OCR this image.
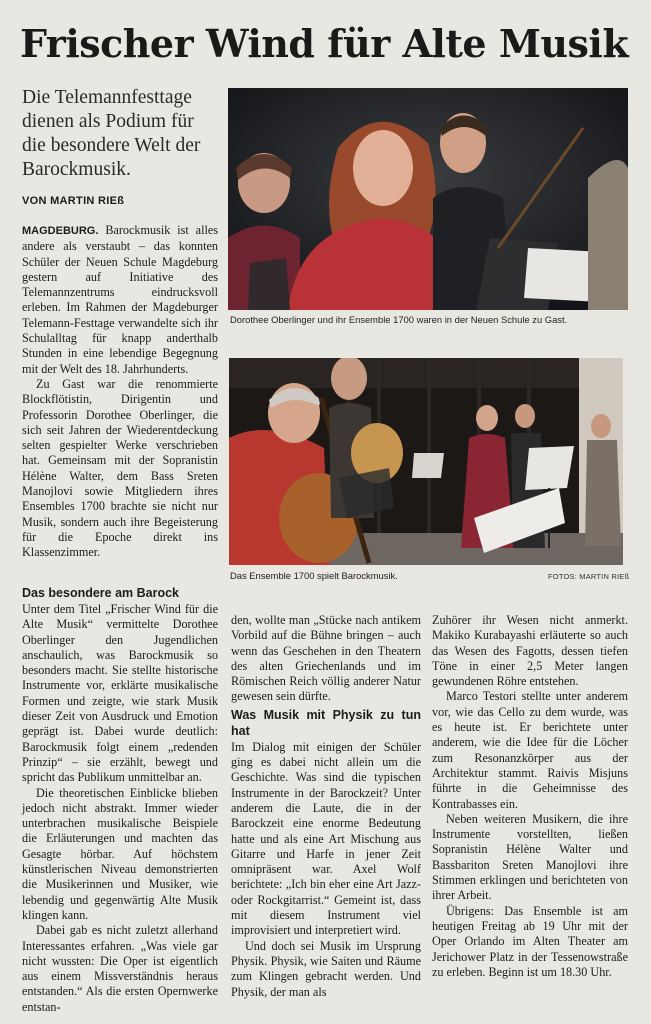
Frischer Wind für Alte Musik
Die Telemannfesttage dienen als Podium für die besondere Welt der Barockmusik.
VON MARTIN RIEß

MAGDEBURG. Barockmusik ist alles andere als verstaubt – das konnten Schüler der Neuen Schule Magdeburg gestern auf Initiative des Telemannzentrums eindrucksvoll erleben. Im Rahmen der Magdeburger Telemann-Festtage verwandelte sich ihr Schulalltag für knapp anderthalb Stunden in eine lebendige Begegnung mit der Welt des 18. Jahrhunderts.

Zu Gast war die renommierte Blockflötistin, Dirigentin und Professorin Dorothee Oberlinger, die sich seit Jahren der Wiederentdeckung selten gespielter Werke verschrieben hat. Gemeinsam mit der Sopranistin Hélène Walter, dem Bass Sreten Manojlovi sowie Mitgliedern ihres Ensembles 1700 brachte sie nicht nur Musik, sondern auch ihre Begeisterung für die Epoche direkt ins Klassenzimmer.

Das besondere am Barock

Unter dem Titel „Frischer Wind für die Alte Musik“ vermittelte Dorothee Oberlinger den Jugendlichen anschaulich, was Barockmusik so besonders macht. Sie stellte historische Instrumente vor, erklärte musikalische Formen und zeigte, wie stark Musik dieser Zeit von Ausdruck und Emotion geprägt ist. Dabei wurde deutlich: Barockmusik folgt einem „redenden Prinzip“ – sie erzählt, bewegt und spricht das Publikum unmittelbar an.

Die theoretischen Einblicke blieben jedoch nicht abstrakt. Immer wieder unterbrachen musikalische Beispiele die Erläuterungen und machten das Gesagte hörbar. Auf höchstem künstlerischen Niveau demonstrierten die Musikerinnen und Musiker, wie lebendig und gegenwärtig Alte Musik klingen kann.

Dabei gab es nicht zuletzt allerhand Interessantes erfahren. „Was viele gar nicht wussten: Die Oper ist eigentlich aus einem Missverständnis heraus entstanden.“ Als die ersten Opernwerke entstan-

den, wollte man „Stücke nach antikem Vorbild auf die Bühne bringen – auch wenn das Geschehen in den Theatern des alten Griechenlands und im Römischen Reich völlig anderer Natur gewesen sein dürfte.

Was Musik mit Physik zu tun hat

Im Dialog mit einigen der Schüler ging es dabei nicht allein um die Geschichte. Was sind die typischen Instrumente in der Barockzeit? Unter anderem die Laute, die in der Barockzeit eine enorme Bedeutung hatte und als eine Art Mischung aus Gitarre und Harfe in jener Zeit omnipräsent war. Axel Wolf berichtete: „Ich bin eher eine Art Jazz- oder Rockgitarrist.“ Gemeint ist, dass mit diesem Instrument viel improvisiert und interpretiert wird.

Und doch sei Musik im Ursprung Physik. Physik, wie Saiten und Räume zum Klingen gebracht werden. Und Physik, der man als

Zuhörer ihr Wesen nicht anmerkt. Makiko Kurabayashi erläuterte so auch das Wesen des Fagotts, dessen tiefen Töne in einer 2,5 Meter langen gewundenen Röhre entstehen.

Marco Testori stellte unter anderem vor, wie das Cello zu dem wurde, was es heute ist. Er berichtete unter anderem, wie die Idee für die Löcher zum Resonanzkörper aus der Architektur stammt. Raivis Misjuns führte in die Geheimnisse des Kontrabasses ein.

Neben weiteren Musikern, die ihre Instrumente vorstellten, ließen Sopranistin Hélène Walter und Bassbariton Sreten Manojlovi ihre Stimmen erklingen und berichteten von ihrer Arbeit.

Übrigens: Das Ensemble ist am heutigen Freitag ab 19 Uhr mit der Oper Orlando im Alten Theater am Jerichower Platz in der Tessenowstraße zu erleben. Beginn ist um 18.30 Uhr.

Dorothee Oberlinger und ihr Ensemble 1700 waren in der Neuen Schule zu Gast.
Das Ensemble 1700 spielt Barockmusik.	FOTOS: MARTIN RIEß
